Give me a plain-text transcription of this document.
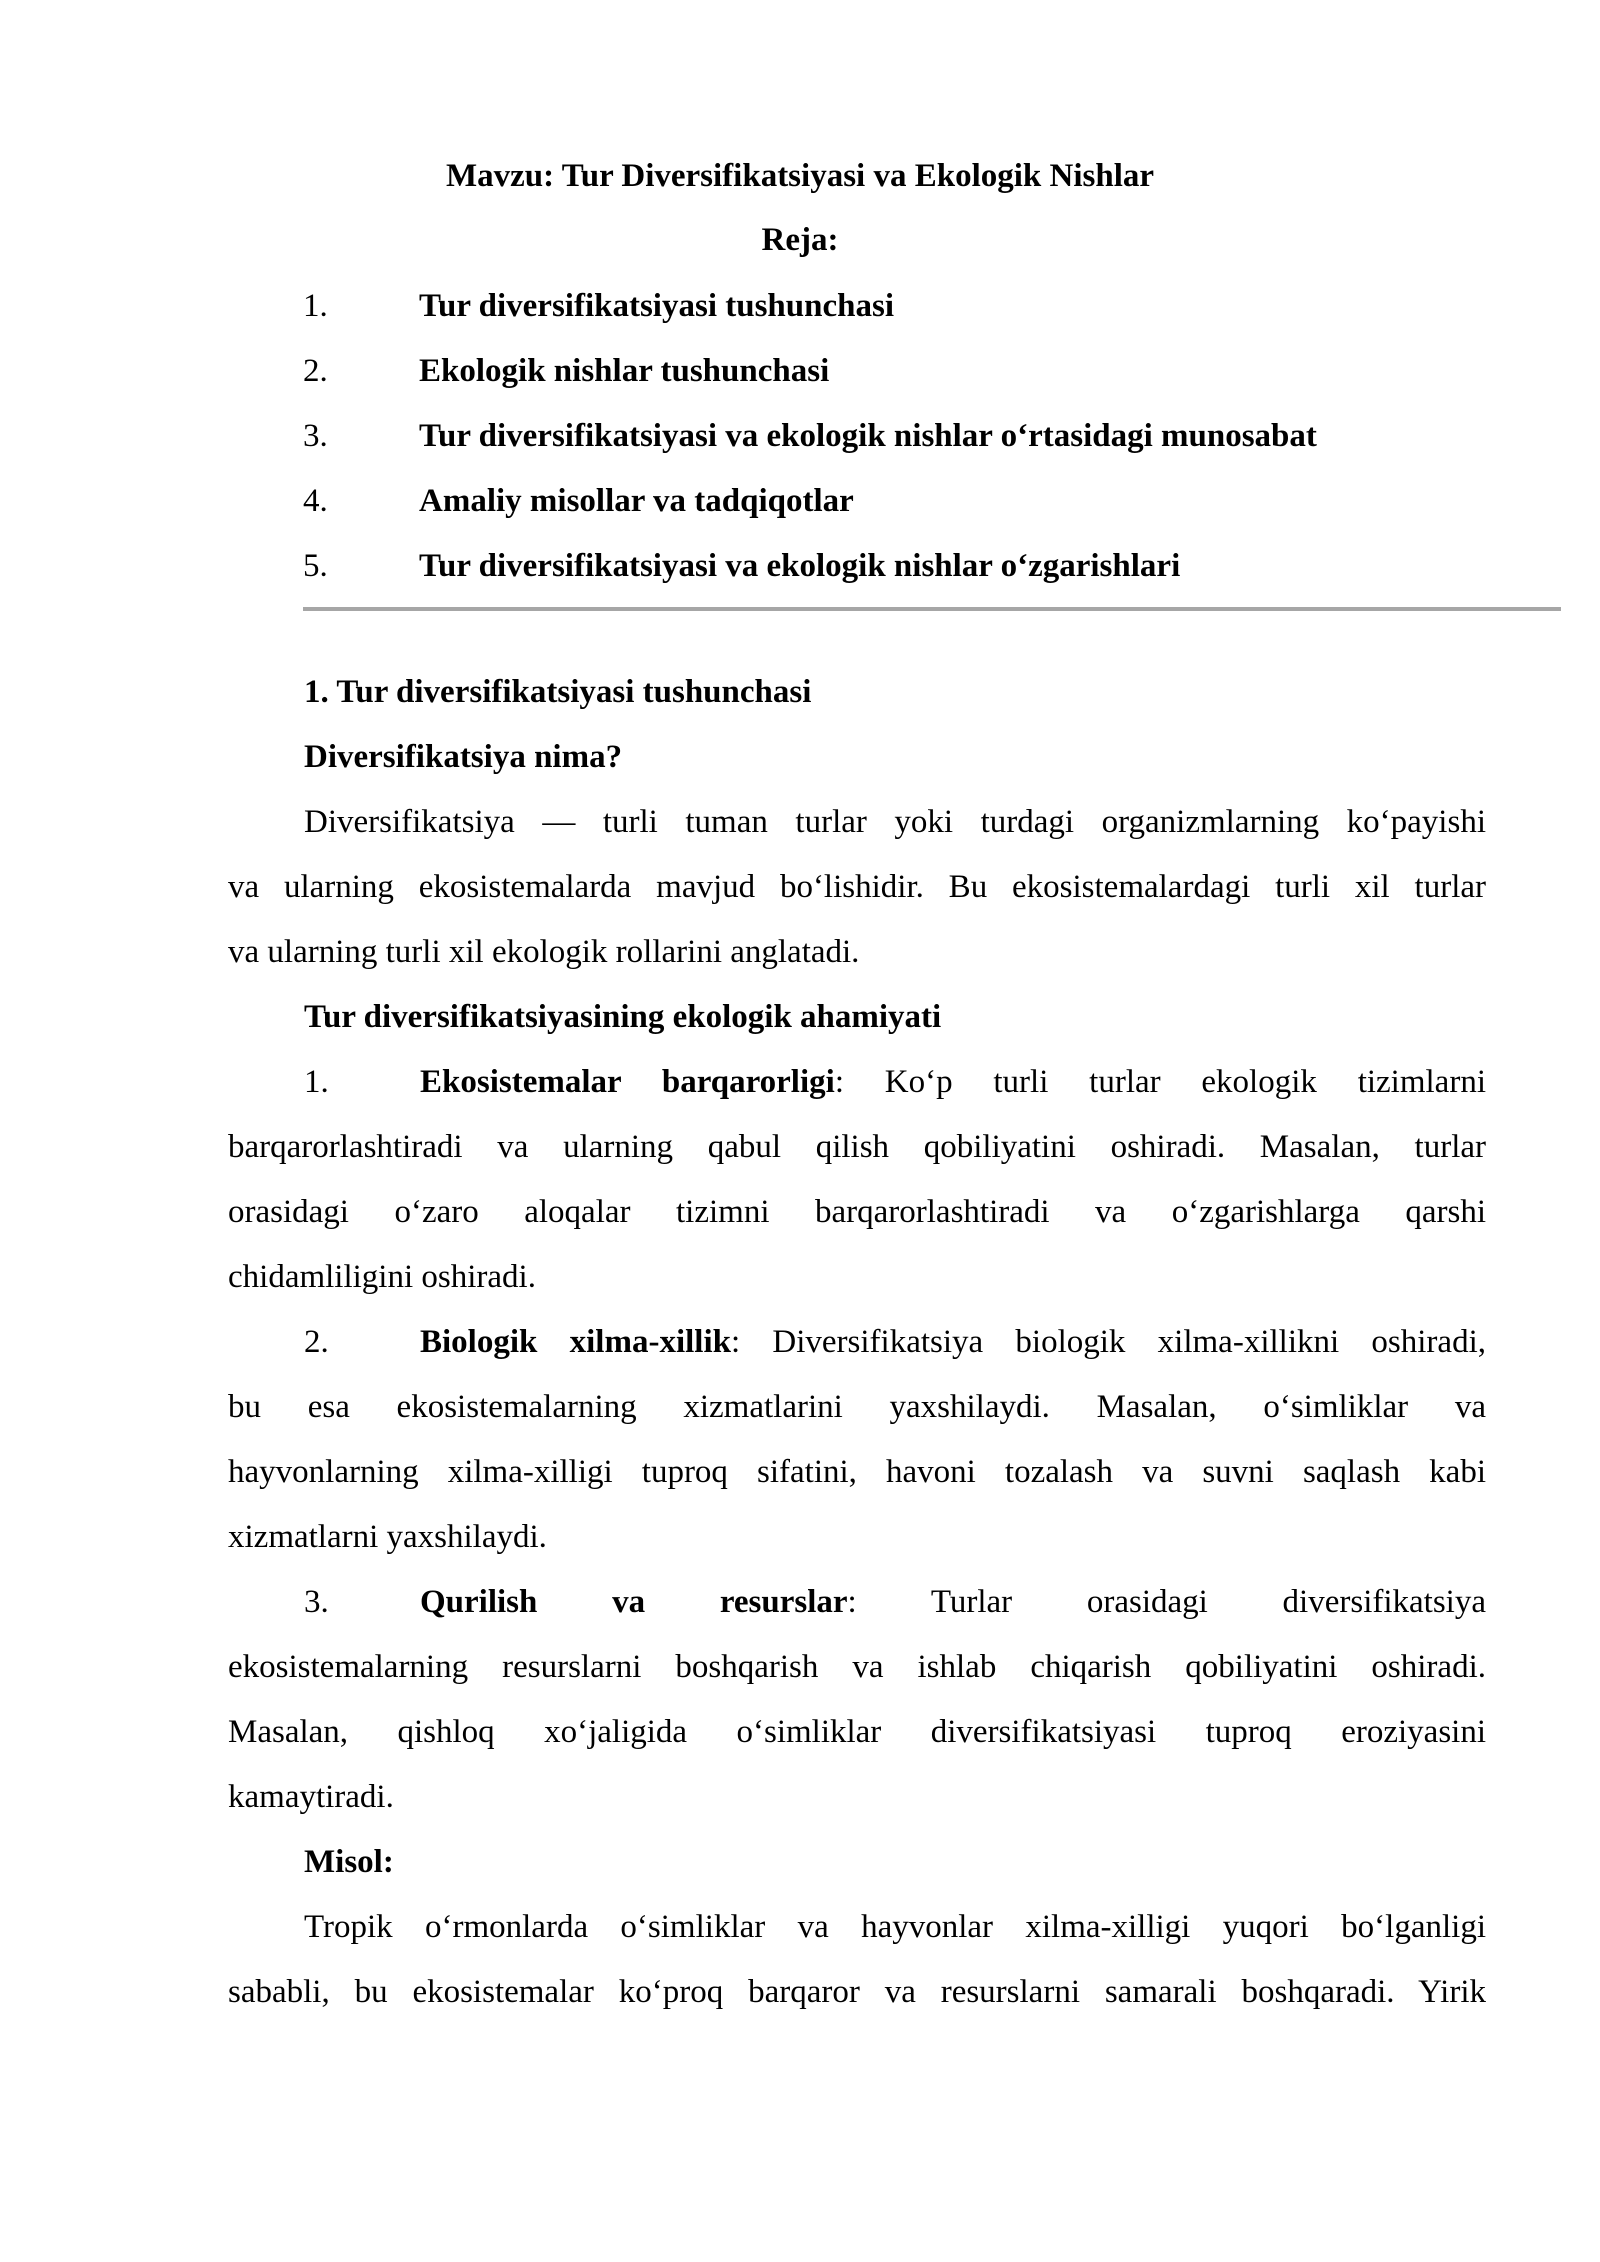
Mavzu: Tur Diversifikatsiyasi va Ekologik Nishlar
Reja:
1.	Tur diversifikatsiyasi tushunchasi
2.	Ekologik nishlar tushunchasi
3.	Tur diversifikatsiyasi va ekologik nishlar o‘rtasidagi munosabat
4.	Amaliy misollar va tadqiqotlar
5.	Tur diversifikatsiyasi va ekologik nishlar o‘zgarishlari
1. Tur diversifikatsiyasi tushunchasi
Diversifikatsiya nima?
Diversifikatsiya — turli tuman turlar yoki turdagi organizmlarning ko‘payishi
va ularning ekosistemalarda mavjud bo‘lishidir. Bu ekosistemalardagi turli xil turlar
va ularning turli xil ekologik rollarini anglatadi.
Tur diversifikatsiyasining ekologik ahamiyati
1.	Ekosistemalar barqarorligi: Ko‘p turli turlar ekologik tizimlarni
barqarorlashtiradi va ularning qabul qilish qobiliyatini oshiradi. Masalan, turlar
orasidagi o‘zaro aloqalar tizimni barqarorlashtiradi va o‘zgarishlarga qarshi
chidamliligini oshiradi.
2.	Biologik xilma-xillik: Diversifikatsiya biologik xilma-xillikni oshiradi,
bu esa ekosistemalarning xizmatlarini yaxshilaydi. Masalan, o‘simliklar va
hayvonlarning xilma-xilligi tuproq sifatini, havoni tozalash va suvni saqlash kabi
xizmatlarni yaxshilaydi.
3.	Qurilish va resurslar: Turlar orasidagi diversifikatsiya
ekosistemalarning resurslarni boshqarish va ishlab chiqarish qobiliyatini oshiradi.
Masalan, qishloq xo‘jaligida o‘simliklar diversifikatsiyasi tuproq eroziyasini
kamaytiradi.
Misol:
Tropik o‘rmonlarda o‘simliklar va hayvonlar xilma-xilligi yuqori bo‘lganligi
sababli, bu ekosistemalar ko‘proq barqaror va resurslarni samarali boshqaradi. Yirik
